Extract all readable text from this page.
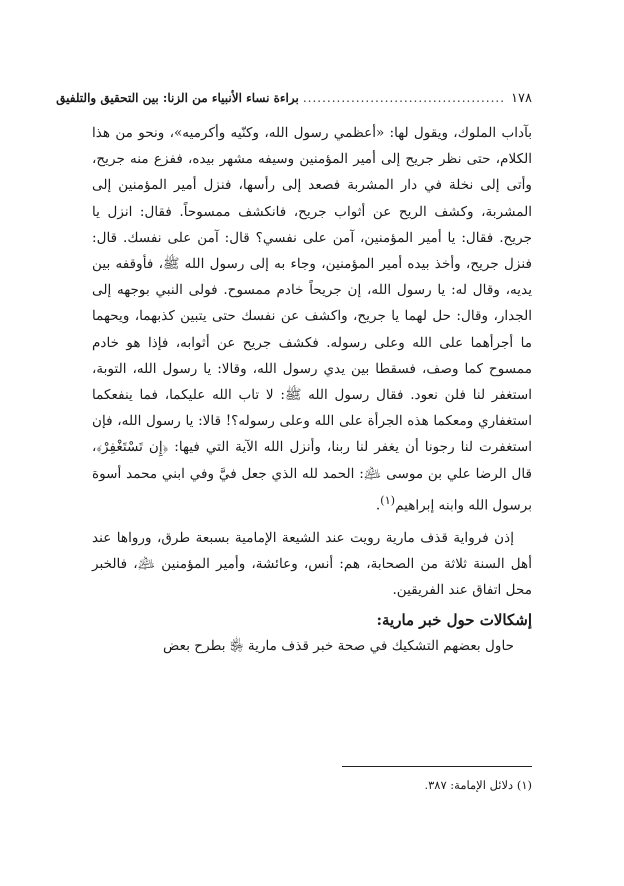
١٧٨
..........................................
براءة نساء الأنبياء من الزنا: بين التحقيق والتلفيق

بآداب الملوك، ويقول لها: «أعظمي رسول الله، وكنّيه وأكرميه»، ونحو من هذا الكلام، حتى نظر جريح إلى أمير المؤمنين وسيفه مشهر بيده، ففزع منه جريح، وأتى إلى نخلة في دار المشربة فصعد إلى رأسها، فنزل أمير المؤمنين إلى المشربة، وكشف الريح عن أثواب جريح، فانكشف ممسوحاً. فقال: انزل يا جريح. فقال: يا أمير المؤمنين، آمن على نفسي؟ قال: آمن على نفسك. قال: فنزل جريح، وأخذ بيده أمير المؤمنين، وجاء به إلى رسول الله ﷺ، فأوقفه بين يديه، وقال له: يا رسول الله، إن جريحاً خادم ممسوح. فولى النبي بوجهه إلى الجدار، وقال: حل لهما يا جريح، واكشف عن نفسك حتى يتبين كذبهما، ويحهما ما أجرأهما على الله وعلى رسوله. فكشف جريح عن أثوابه، فإذا هو خادم ممسوح كما وصف، فسقطا بين يدي رسول الله، وقالا: يا رسول الله، التوبة، استغفر لنا فلن نعود. فقال رسول الله ﷺ: لا تاب الله عليكما، فما ينفعكما استغفاري ومعكما هذه الجرأة على الله وعلى رسوله؟! قالا: يا رسول الله، فإن استغفرت لنا رجونا أن يغفر لنا ربنا، وأنزل الله الآية التي فيها: ﴿إِن تَسْتَغْفِرْ﴾، قال الرضا علي بن موسى ﵇: الحمد لله الذي جعل فيَّ وفي ابني محمد أسوة برسول الله وابنه إبراهيم$^{(١)}$.

إذن فرواية قذف مارية رويت عند الشيعة الإمامية بسبعة طرق، ورواها عند أهل السنة ثلاثة من الصحابة، هم: أنس، وعائشة، وأمير المؤمنين ﵇، فالخبر محل اتفاق عند الفريقين.

إشكالات حول خبر مارية:

حاول بعضهم التشكيك في صحة خبر قذف مارية ﵂ بطرح بعض

(١) دلائل الإمامة: ٣٨٧.
